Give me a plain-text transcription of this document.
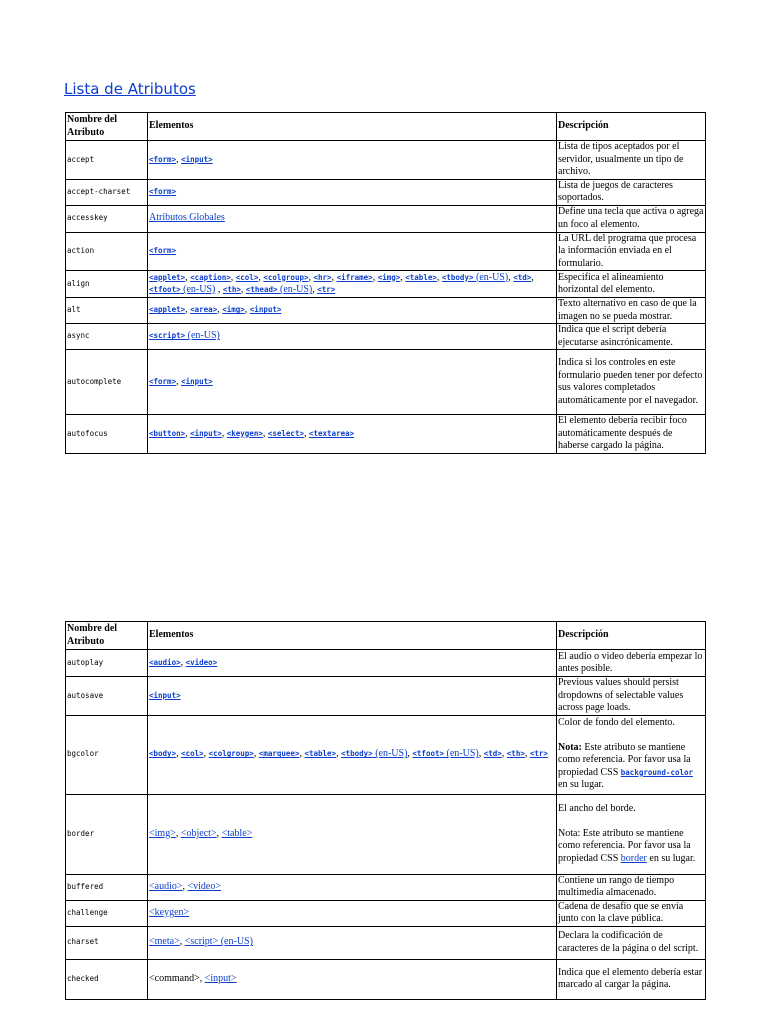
Lista de Atributos
Nombre del Atributo	Elementos	Descripción
accept	<form>, <input>	Lista de tipos aceptados por el servidor, usualmente un tipo de archivo.

accept-charset	<form>	Lista de juegos de caracteres soportados.

accesskey	Atributos Globales	Define una tecla que activa o agrega un foco al elemento.

action	<form>	La URL del programa que procesa la información enviada en el formulario.

align	<applet>, <caption>, <col>, <colgroup>, <hr>, <iframe>, <img>, <table>, <tbody> (en-US), <td>, <tfoot> (en-US) , <th>, <thead> (en-US), <tr>	Especifica el alineamiento horizontal del elemento.

alt	<applet>, <area>, <img>, <input>	Texto alternativo en caso de que la imagen no se pueda mostrar.

async	<script> (en-US)	Indica que el script debería ejecutarse asincrónicamente.

autocomplete	<form>, <input>	Indica si los controles en este formulario pueden tener por defecto sus valores completados automáticamente por el navegador.

autofocus	<button>, <input>, <keygen>, <select>, <textarea>	El elemento debería recibir foco automáticamente después de haberse cargado la página.
Nombre del Atributo	Elementos	Descripción
autoplay	<audio>, <video>	El audio o video debería empezar lo antes posible.

autosave	<input>	Previous values should persist dropdowns of selectable values across page loads.

bgcolor	<body>, <col>, <colgroup>, <marquee>, <table>, <tbody> (en-US), <tfoot> (en-US), <td>, <th>, <tr>	Color de fondo del elemento.
Nota: Este atributo se mantiene como referencia. Por favor usa la propiedad CSS background-color en su lugar.

border	<img>, <object>, <table>	El ancho del borde.
Nota: Este atributo se mantiene como referencia. Por favor usa la propiedad CSS border en su lugar.

buffered	<audio>, <video>	Contiene un rango de tiempo multimedia almacenado.

challenge	<keygen>	Cadena de desafío que se envía junto con la clave pública.

charset	<meta>, <script> (en-US)	Declara la codificación de caracteres de la página o del script.

checked	<command>, <input>	Indica que el elemento debería estar marcado al cargar la página.
